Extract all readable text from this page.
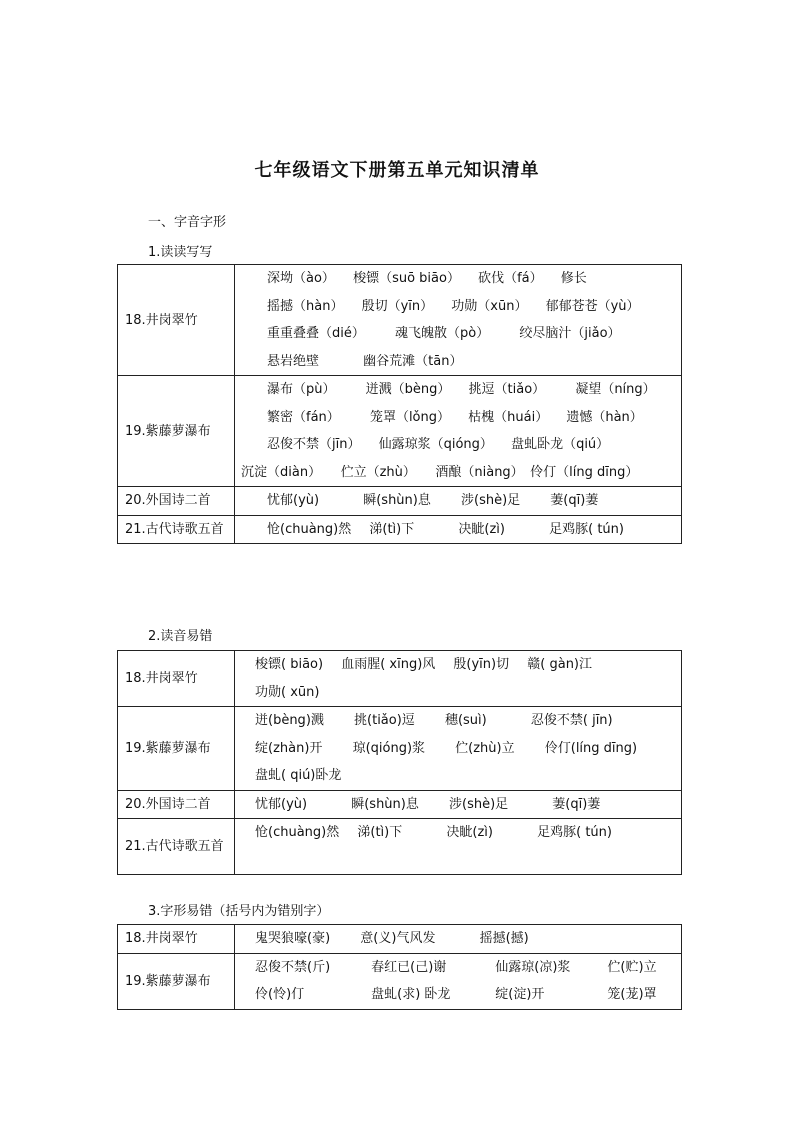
七年级语文下册第五单元知识清单
一、字音字形
1.读读写写
18.井岗翠竹	深坳（ào） 梭镖（suō biāo） 砍伐（fá） 修长
摇撼（hàn） 殷切（yīn） 功勋（xūn） 郁郁苍苍（yù）
重重叠叠（dié） 魂飞魄散（pò） 绞尽脑汁（jiǎo）
悬岩绝壁 幽谷荒滩（tān）

19.紫藤萝瀑布	瀑布（pù） 迸溅（bèng） 挑逗（tiǎo） 凝望（níng）
繁密（fán） 笼罩（lǒng） 枯槐（huái） 遗憾（hàn）
忍俊不禁（jīn） 仙露琼浆（qióng） 盘虬卧龙（qiú）
沉淀（diàn）　　伫立（zhù）　　酒酿（niàng）　伶仃（líng dīng）

20.外国诗二首	忧郁(yù) 瞬(shùn)息 涉(shè)足 萋(qī)萋

21.古代诗歌五首	怆(chuàng)然 涕(tì)下 决眦(zì) 足鸡豚( tún)
2.读音易错
18.井岗翠竹	梭镖( biāo) 血雨腥( xīng)风 殷(yīn)切 赣( gàn)江
功勋( xūn)

19.紫藤萝瀑布	迸(bèng)溅 挑(tiǎo)逗 穗(suì) 忍俊不禁( jīn)
绽(zhàn)开 琼(qióng)浆 伫(zhù)立 伶仃(líng dīng)
盘虬( qiú)卧龙

20.外国诗二首	忧郁(yù) 瞬(shùn)息 涉(shè)足 萋(qī)萋

21.古代诗歌五首	怆(chuàng)然 涕(tì)下 决眦(zì) 足鸡豚( tún)
3.字形易错（括号内为错别字）
18.井岗翠竹	鬼哭狼嚎(豪) 意(义)气风发 摇撼(撼)

19.紫藤萝瀑布	忍俊不禁(斤) 春红已(己)谢 仙露琼(凉)浆 伫(贮)立
伶(怜)仃 盘虬(求) 卧龙 绽(淀)开 笼(茏)罩
